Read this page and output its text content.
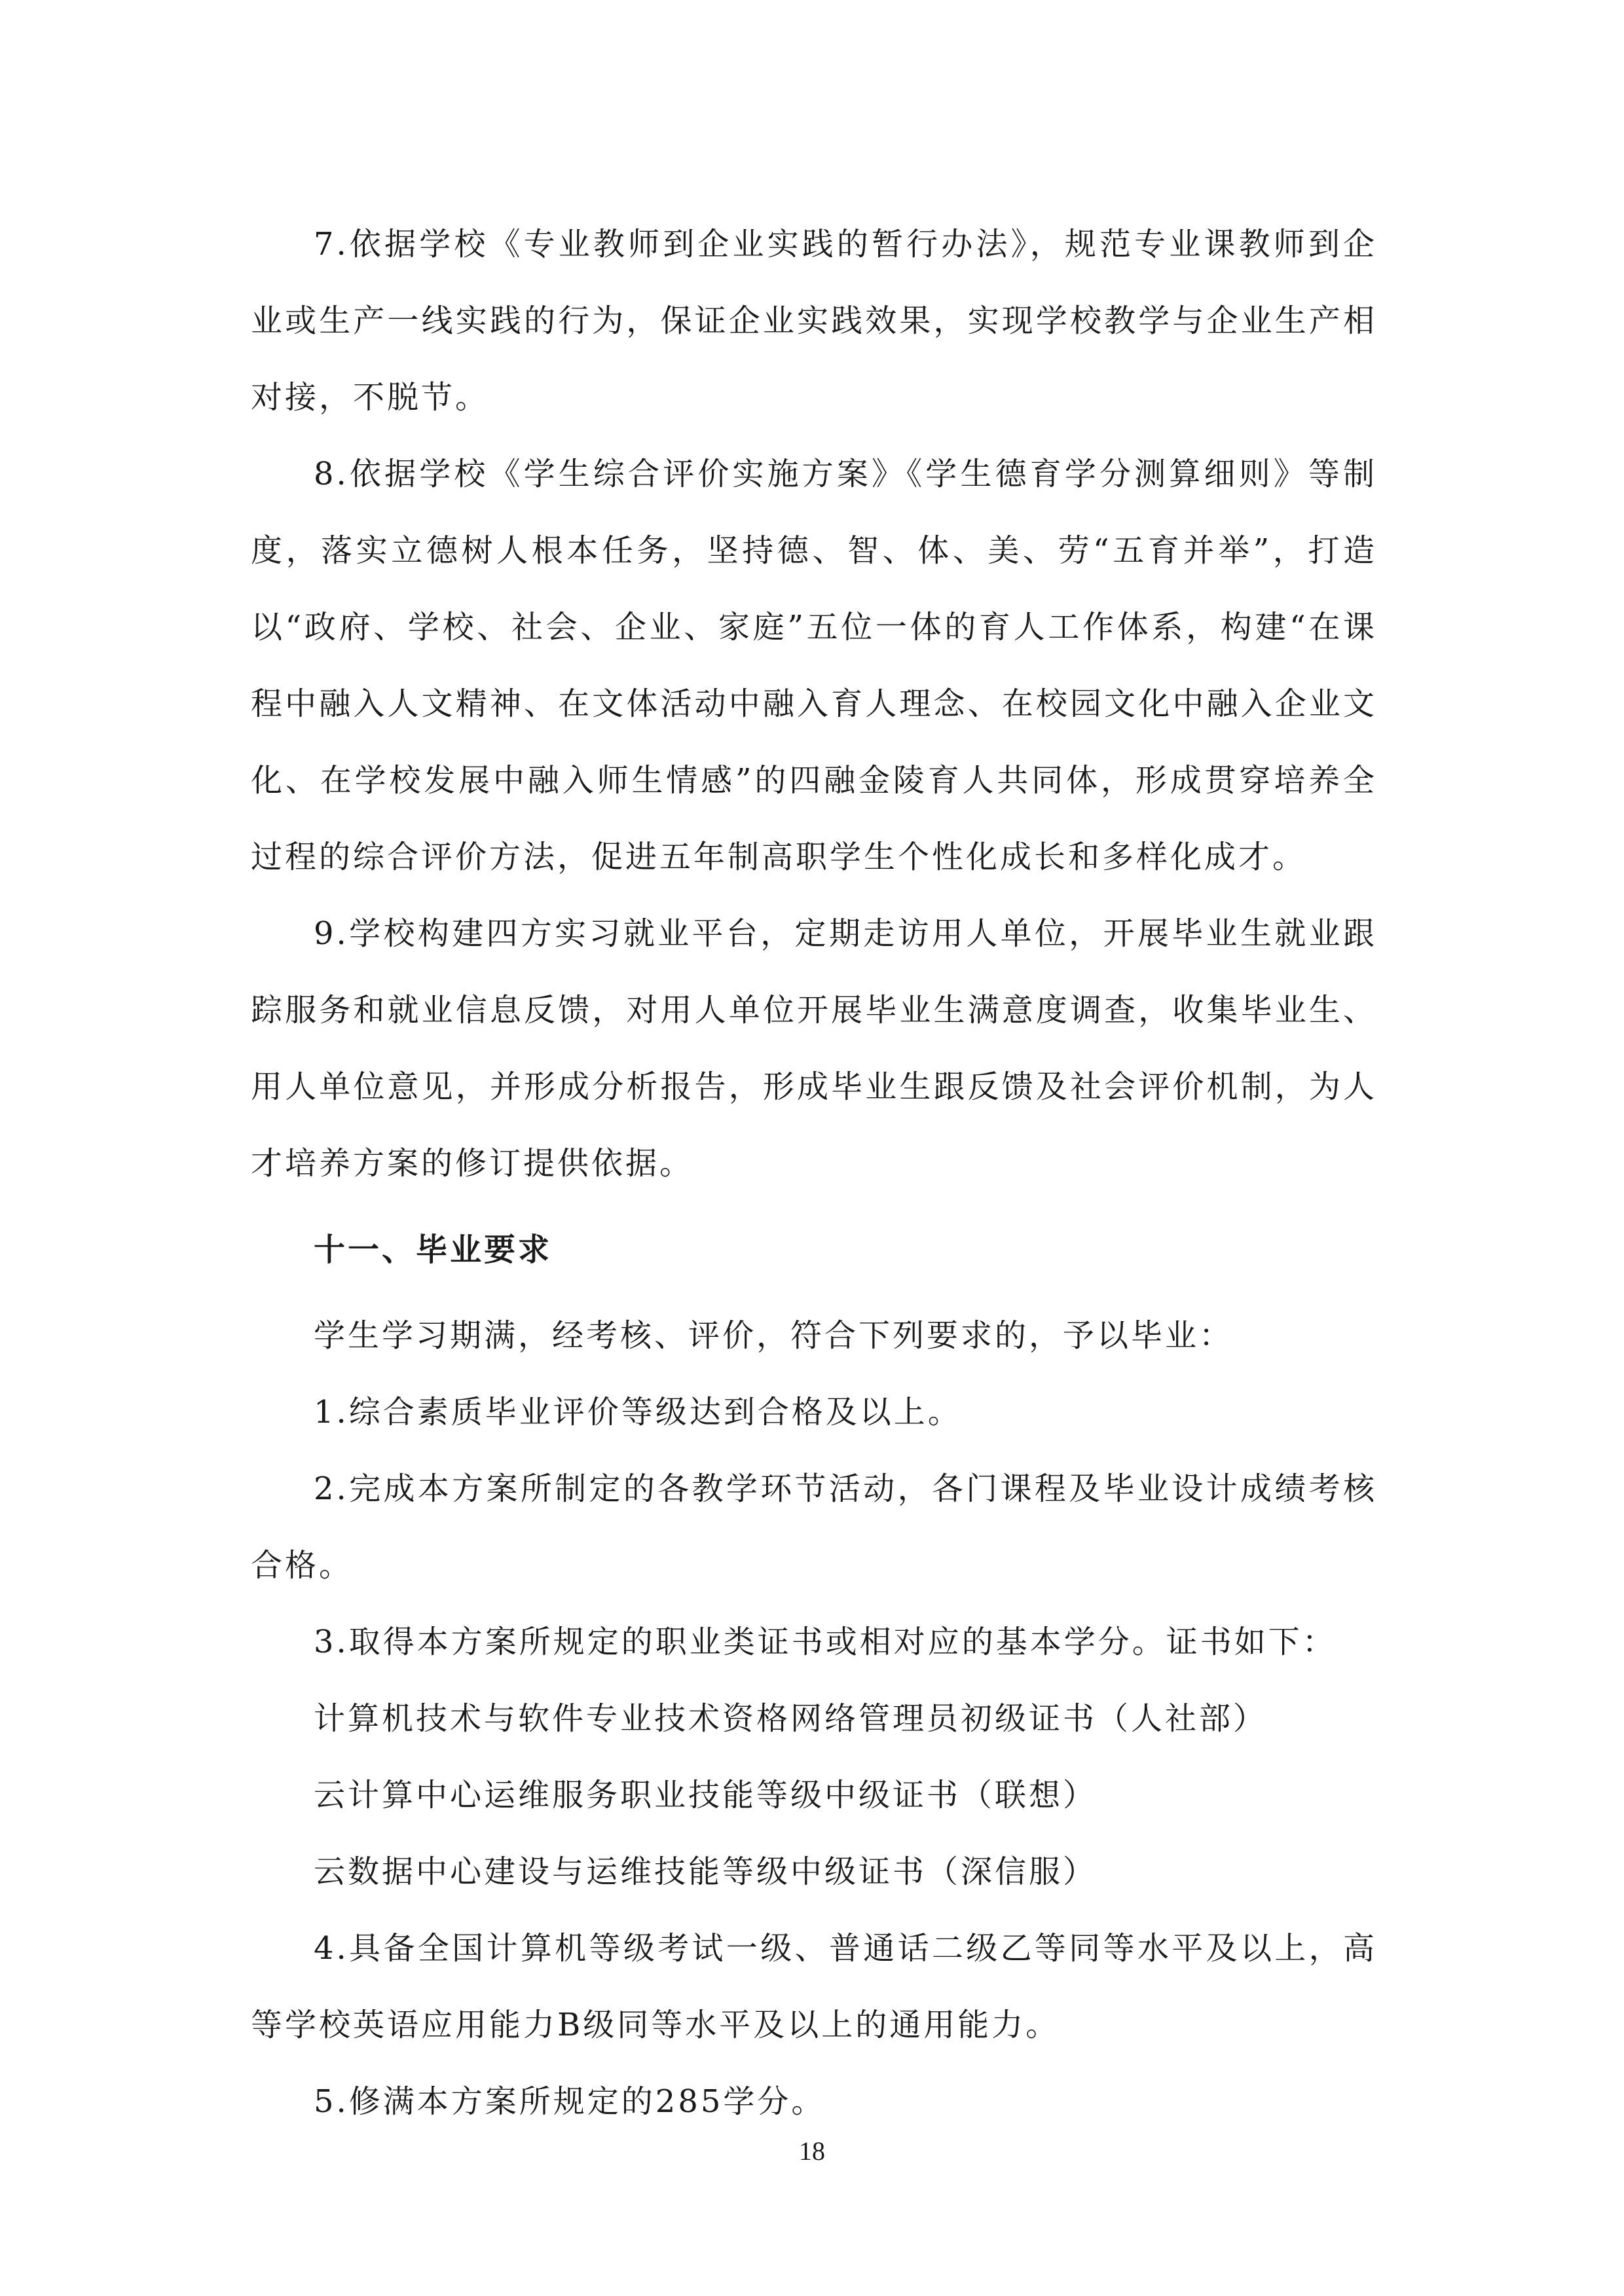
7.依据学校《专业教师到企业实践的暂行办法》，规范专业课教师到企业或生产一线实践的行为，保证企业实践效果，实现学校教学与企业生产相对接，不脱节。

8.依据学校《学生综合评价实施方案》《学生德育学分测算细则》等制度，落实立德树人根本任务，坚持德、智、体、美、劳“五育并举”，打造以“政府、学校、社会、企业、家庭”五位一体的育人工作体系，构建“在课程中融入人文精神、在文体活动中融入育人理念、在校园文化中融入企业文化、在学校发展中融入师生情感”的四融金陵育人共同体，形成贯穿培养全过程的综合评价方法，促进五年制高职学生个性化成长和多样化成才。

9.学校构建四方实习就业平台，定期走访用人单位，开展毕业生就业跟踪服务和就业信息反馈，对用人单位开展毕业生满意度调查，收集毕业生、用人单位意见，并形成分析报告，形成毕业生跟反馈及社会评价机制，为人才培养方案的修订提供依据。

十一、毕业要求

学生学习期满，经考核、评价，符合下列要求的，予以毕业：

1.综合素质毕业评价等级达到合格及以上。

2.完成本方案所制定的各教学环节活动，各门课程及毕业设计成绩考核合格。

3.取得本方案所规定的职业类证书或相对应的基本学分。证书如下：

计算机技术与软件专业技术资格网络管理员初级证书（人社部）

云计算中心运维服务职业技能等级中级证书（联想）

云数据中心建设与运维技能等级中级证书（深信服）

4.具备全国计算机等级考试一级、普通话二级乙等同等水平及以上，高等学校英语应用能力B级同等水平及以上的通用能力。

5.修满本方案所规定的285学分。

18
